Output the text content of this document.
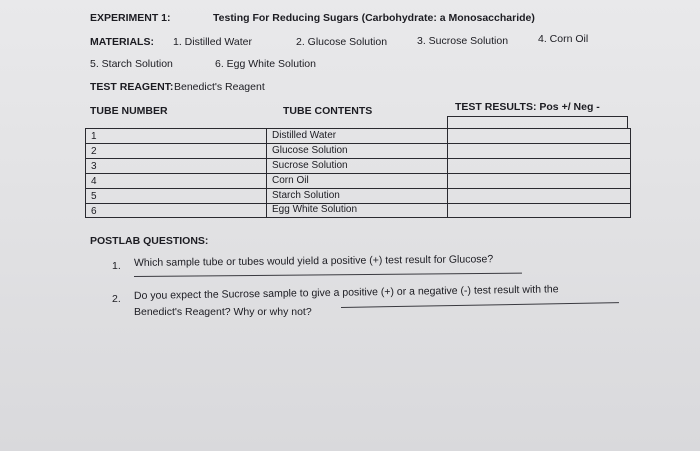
EXPERIMENT 1:	Testing For Reducing Sugars (Carbohydrate: a Monosaccharide)
MATERIALS: 1. Distilled Water	2. Glucose Solution	3. Sucrose Solution	4. Corn Oil
5. Starch Solution	6. Egg White Solution
TEST REAGENT: Benedict's Reagent
TUBE NUMBER	TUBE CONTENTS	TEST RESULTS: Pos +/ Neg -
1	Distilled Water
2	Glucose Solution
3	Sucrose Solution
4	Corn Oil
5	Starch Solution
6	Egg White Solution
POSTLAB QUESTIONS:
1. Which sample tube or tubes would yield a positive (+) test result for Glucose?
2. Do you expect the Sucrose sample to give a positive (+) or a negative (-) test result with the
Benedict's Reagent? Why or why not?
